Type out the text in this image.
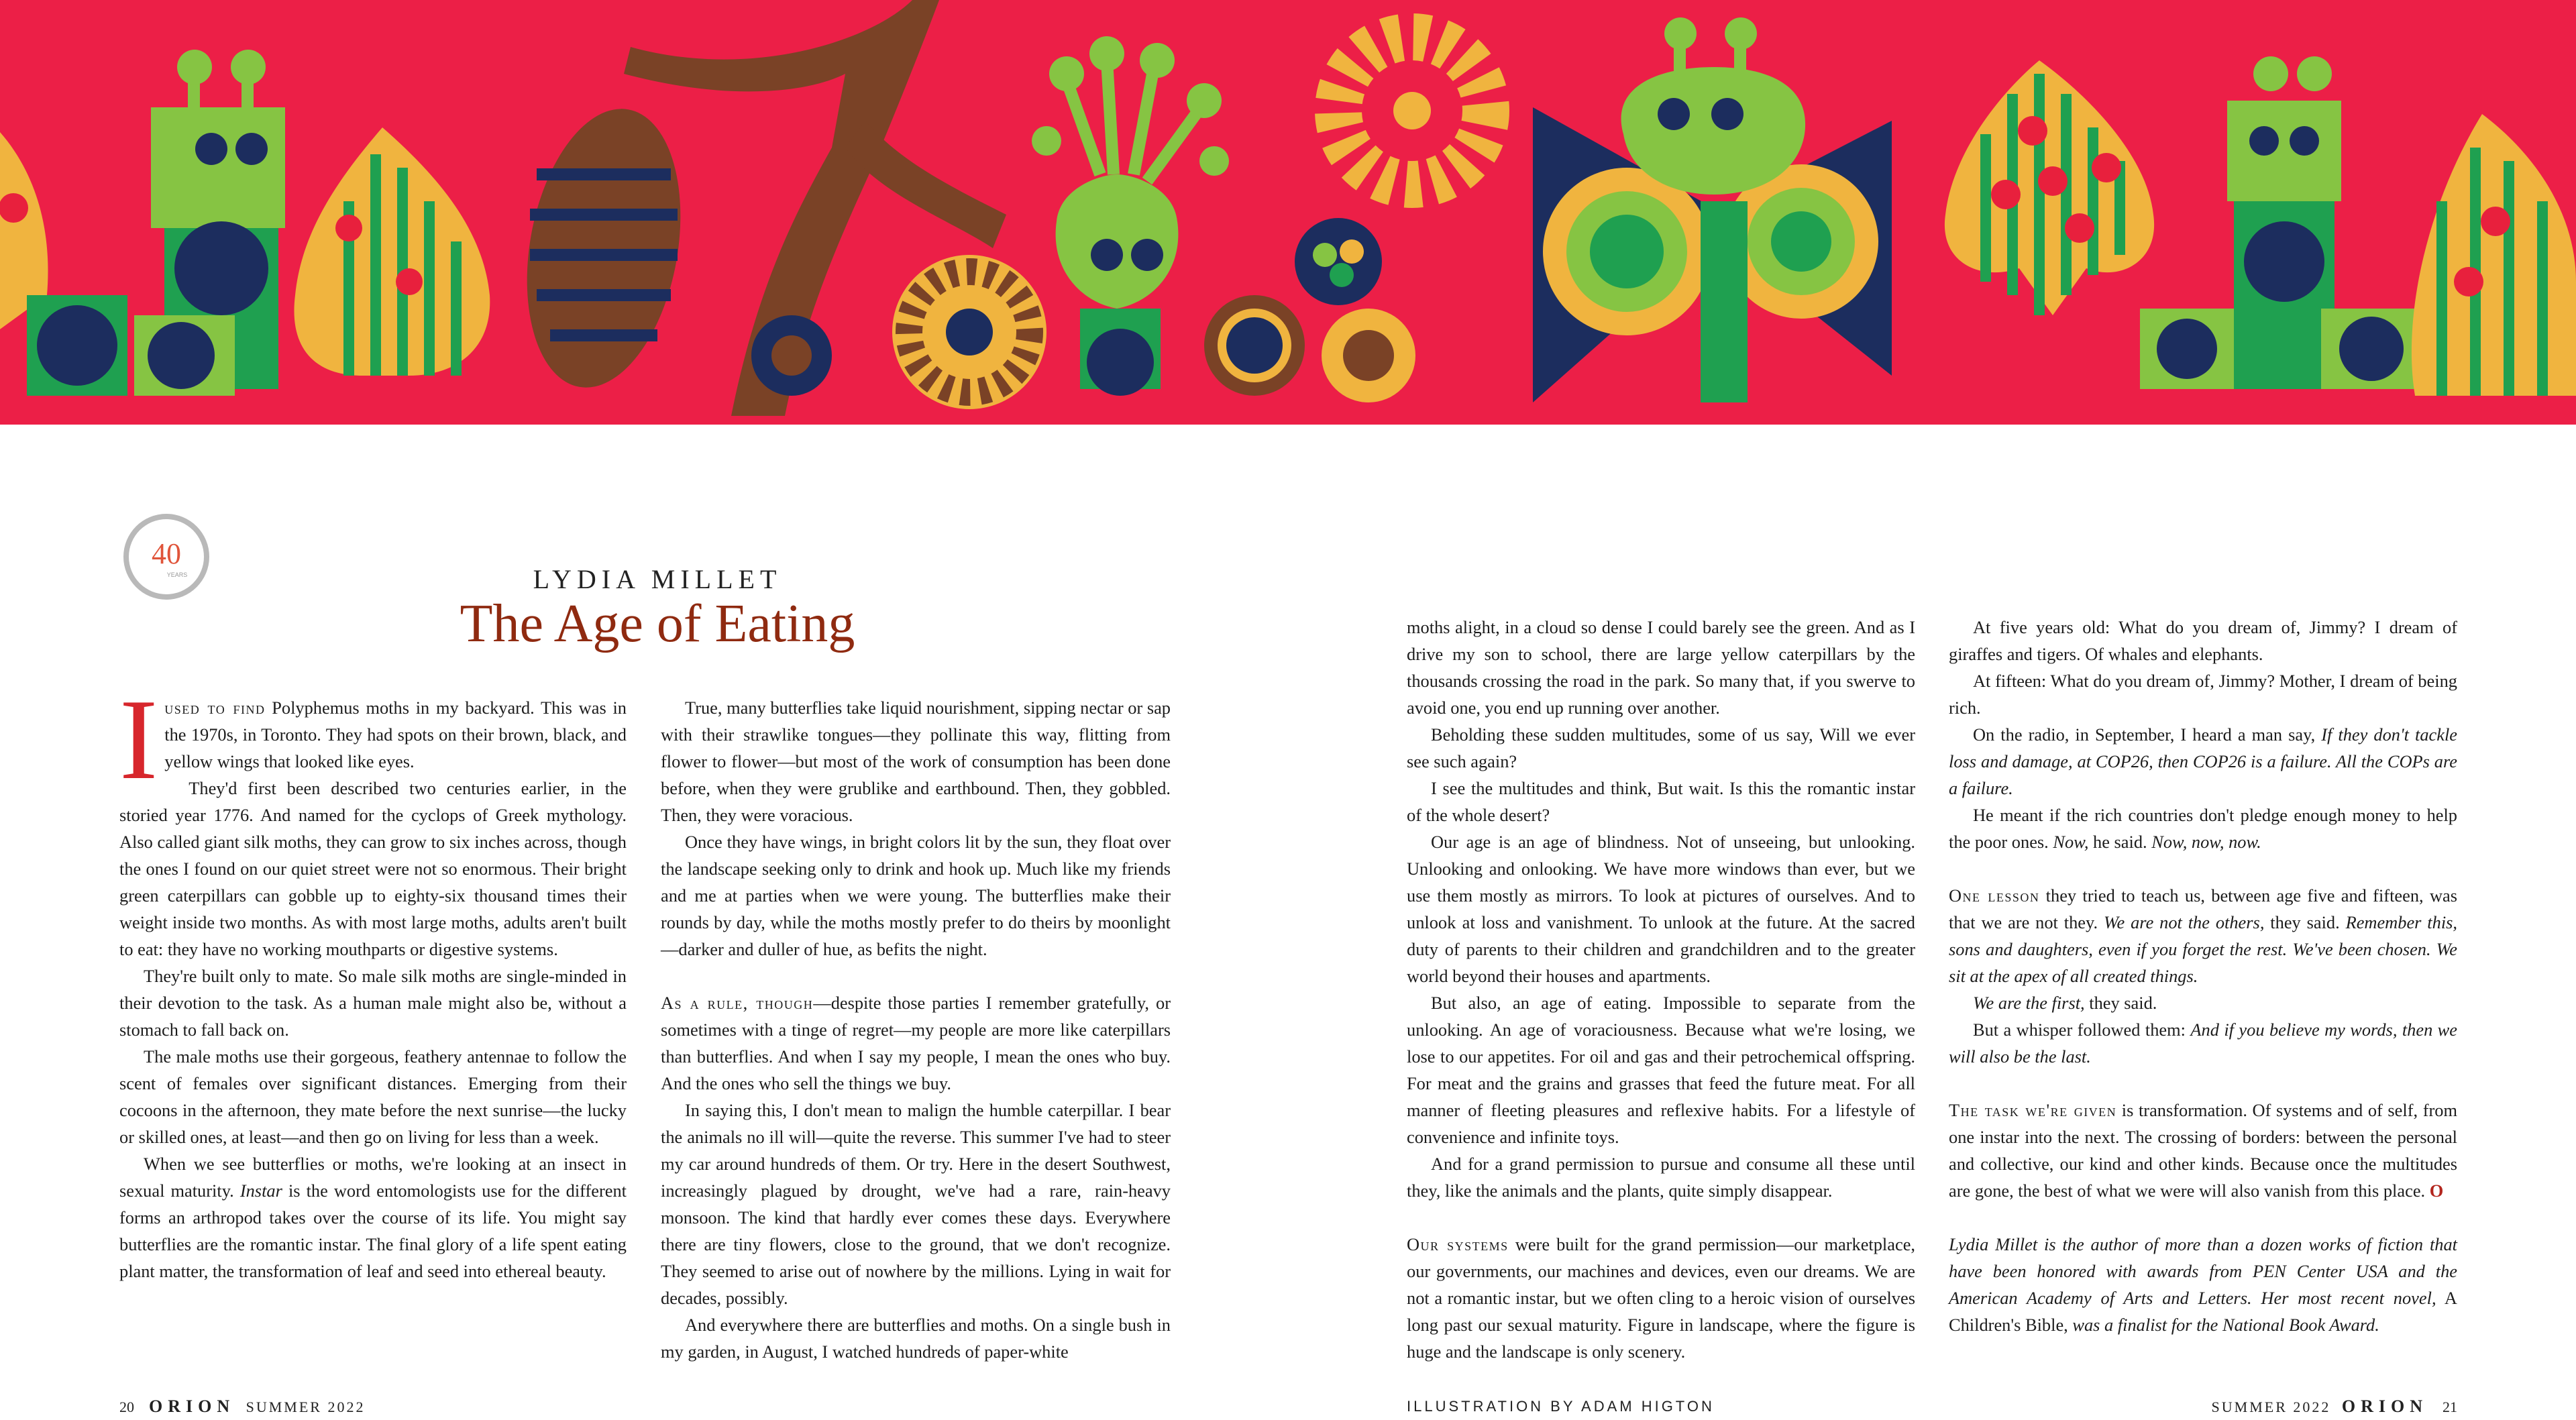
40
YEARS	LYDIA MILLET
The Age of Eating

Iused to find Polyphemus moths in my backyard. This was in the 1970s, in Toronto. They had spots on their brown, black, and yellow wings that looked like eyes.

They'd first been described two centuries earlier, in the storied year 1776. And named for the cyclops of Greek mythology. Also called giant silk moths, they can grow to six inches across, though the ones I found on our quiet street were not so enormous. Their bright green caterpillars can gobble up to eighty-six thousand times their weight inside two months. As with most large moths, adults aren't built to eat: they have no working mouthparts or digestive systems.

They're built only to mate. So male silk moths are single-minded in their devotion to the task. As a human male might also be, without a stomach to fall back on.

The male moths use their gorgeous, feathery antennae to follow the scent of females over significant distances. Emerging from their cocoons in the afternoon, they mate before the next sunrise—the lucky or skilled ones, at least—and then go on living for less than a week.

When we see butterflies or moths, we're looking at an insect in sexual maturity. Instar is the word entomologists use for the different forms an arthropod takes over the course of its life. You might say butterflies are the romantic instar. The final glory of a life spent eating plant matter, the transformation of leaf and seed into ethereal beauty.

True, many butterflies take liquid nourishment, sipping nectar or sap with their strawlike tongues—they pollinate this way, flitting from flower to flower—but most of the work of consumption has been done before, when they were grublike and earthbound. Then, they gobbled. Then, they were voracious.

Once they have wings, in bright colors lit by the sun, they float over the landscape seeking only to drink and hook up. Much like my friends and me at parties when we were young. The butterflies make their rounds by day, while the moths mostly prefer to do theirs by moonlight—darker and duller of hue, as befits the night.

As a rule, though—despite those parties I remember gratefully, or sometimes with a tinge of regret—my people are more like caterpillars than butterflies. And when I say my people, I mean the ones who buy. And the ones who sell the things we buy.

In saying this, I don't mean to malign the humble caterpillar. I bear the animals no ill will—quite the reverse. This summer I've had to steer my car around hundreds of them. Or try. Here in the desert Southwest, increasingly plagued by drought, we've had a rare, rain-heavy monsoon. The kind that hardly ever comes these days. Everywhere there are tiny flowers, close to the ground, that we don't recognize. They seemed to arise out of nowhere by the millions. Lying in wait for decades, possibly.

And everywhere there are butterflies and moths. On a single bush in my garden, in August, I watched hundreds of paper-white

moths alight, in a cloud so dense I could barely see the green. And as I drive my son to school, there are large yellow caterpillars by the thousands crossing the road in the park. So many that, if you swerve to avoid one, you end up running over another.

Beholding these sudden multitudes, some of us say, Will we ever see such again?

I see the multitudes and think, But wait. Is this the romantic instar of the whole desert?

Our age is an age of blindness. Not of unseeing, but unlooking. Unlooking and onlooking. We have more windows than ever, but we use them mostly as mirrors. To look at pictures of ourselves. And to unlook at loss and vanishment. To unlook at the future. At the sacred duty of parents to their children and grandchildren and to the greater world beyond their houses and apartments.

But also, an age of eating. Impossible to separate from the unlooking. An age of voraciousness. Because what we're losing, we lose to our appetites. For oil and gas and their petrochemical offspring. For meat and the grains and grasses that feed the future meat. For all manner of fleeting pleasures and reflexive habits. For a lifestyle of convenience and infinite toys.

And for a grand permission to pursue and consume all these until they, like the animals and the plants, quite simply disappear.

Our systems were built for the grand permission—our marketplace, our governments, our machines and devices, even our dreams. We are not a romantic instar, but we often cling to a heroic vision of ourselves long past our sexual maturity. Figure in landscape, where the figure is huge and the landscape is only scenery.

At five years old: What do you dream of, Jimmy? I dream of giraffes and tigers. Of whales and elephants.

At fifteen: What do you dream of, Jimmy? Mother, I dream of being rich.

On the radio, in September, I heard a man say, If they don't tackle loss and damage, at COP26, then COP26 is a failure. All the COPs are a failure.

He meant if the rich countries don't pledge enough money to help the poor ones. Now, he said. Now, now, now.

One lesson they tried to teach us, between age five and fifteen, was that we are not they. We are not the others, they said. Remember this, sons and daughters, even if you forget the rest. We've been chosen. We sit at the apex of all created things.

We are the first, they said.

But a whisper followed them: And if you believe my words, then we will also be the last.

The task we're given is transformation. Of systems and of self, from one instar into the next. The crossing of borders: between the personal and collective, our kind and other kinds. Because once the multitudes are gone, the best of what we were will also vanish from this place. O

Lydia Millet is the author of more than a dozen works of fiction that have been honored with awards from PEN Center USA and the American Academy of Arts and Letters. Her most recent novel, A Children's Bible, was a finalist for the National Book Award.

20 ORION SUMMER 2022	ILLUSTRATION BY ADAM HIGTON	SUMMER 2022 ORION 21
